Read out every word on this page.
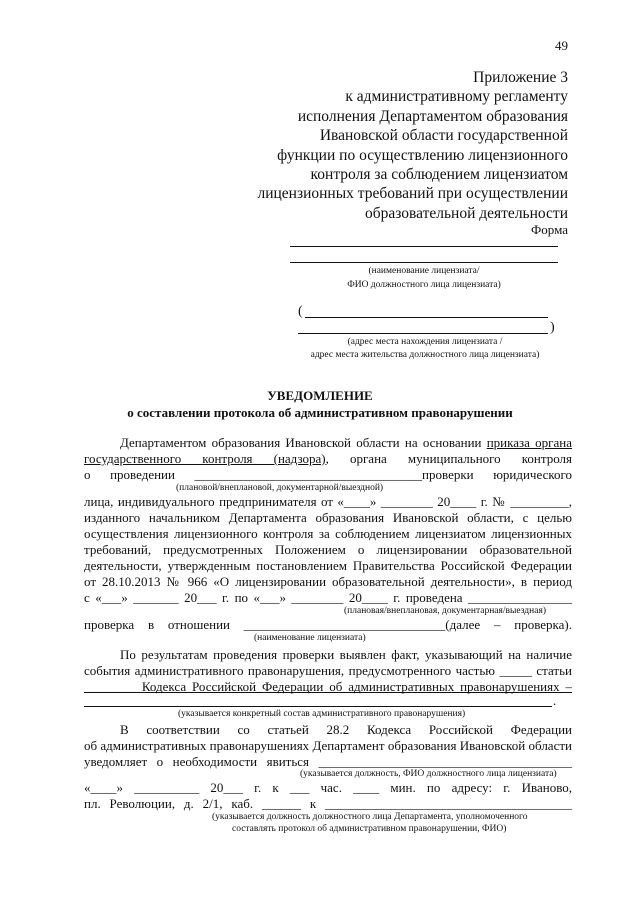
49
Приложение 3
к административному регламенту
исполнения Департаментом образования
Ивановской области государственной
функции по осуществлению лицензионного
контроля за соблюдением лицензиатом
лицензионных требований при осуществлении
образовательной деятельности
Форма
(наименование лицензиата/
ФИО должностного лица лицензиата)
(
)
(адрес места нахождения лицензиата /
адрес места жительства должностного лица лицензиата)
УВЕДОМЛЕНИЕ
о составлении протокола об административном правонарушении
Департаментом образования Ивановской области на основании приказа органа
государственного контроля (надзора), органа муниципального контроля
о проведении ___________________________________проверки юридического
(плановой/внеплановой, документарной/выездной)
лица, индивидуального предпринимателя от «____» ________ 20____ г. № _________,
изданного начальником Департамента образования Ивановской области, с целью
осуществления лицензионного контроля за соблюдением лицензиатом лицензионных
требований, предусмотренных Положением о лицензировании образовательной
деятельности, утвержденным постановлением Правительства Российской Федерации
от 28.10.2013 № 966 «О лицензировании образовательной деятельности», в период
с «___» _______ 20___ г. по «___» ________ 20____ г. проведена ________________
(плановая/внеплановая, документарная/выездная)
проверка в отношении _______________________________(далее – проверка).
(наименование лицензиата)
По результатам проведения проверки выявлен факт, указывающий на наличие
события административного правонарушения, предусмотренного частью _____ статьи
________ Кодекса Российской Федерации об административных правонарушениях –
.
(указывается конкретный состав административного правонарушения)
В соответствии со статьей 28.2 Кодекса Российской Федерации
об административных правонарушениях Департамент образования Ивановской области
уведомляет о необходимости явиться _______________________________________
(указывается должность, ФИО должностного лица лицензиата)
«____» __________ 20___ г. к ___ час. ____ мин. по адресу: г. Иваново,
пл. Революции, д. 2/1, каб. ______ к ______________________________________
(указывается должность должностного лица Департамента, уполномоченного
составлять протокол об административном правонарушении, ФИО)
